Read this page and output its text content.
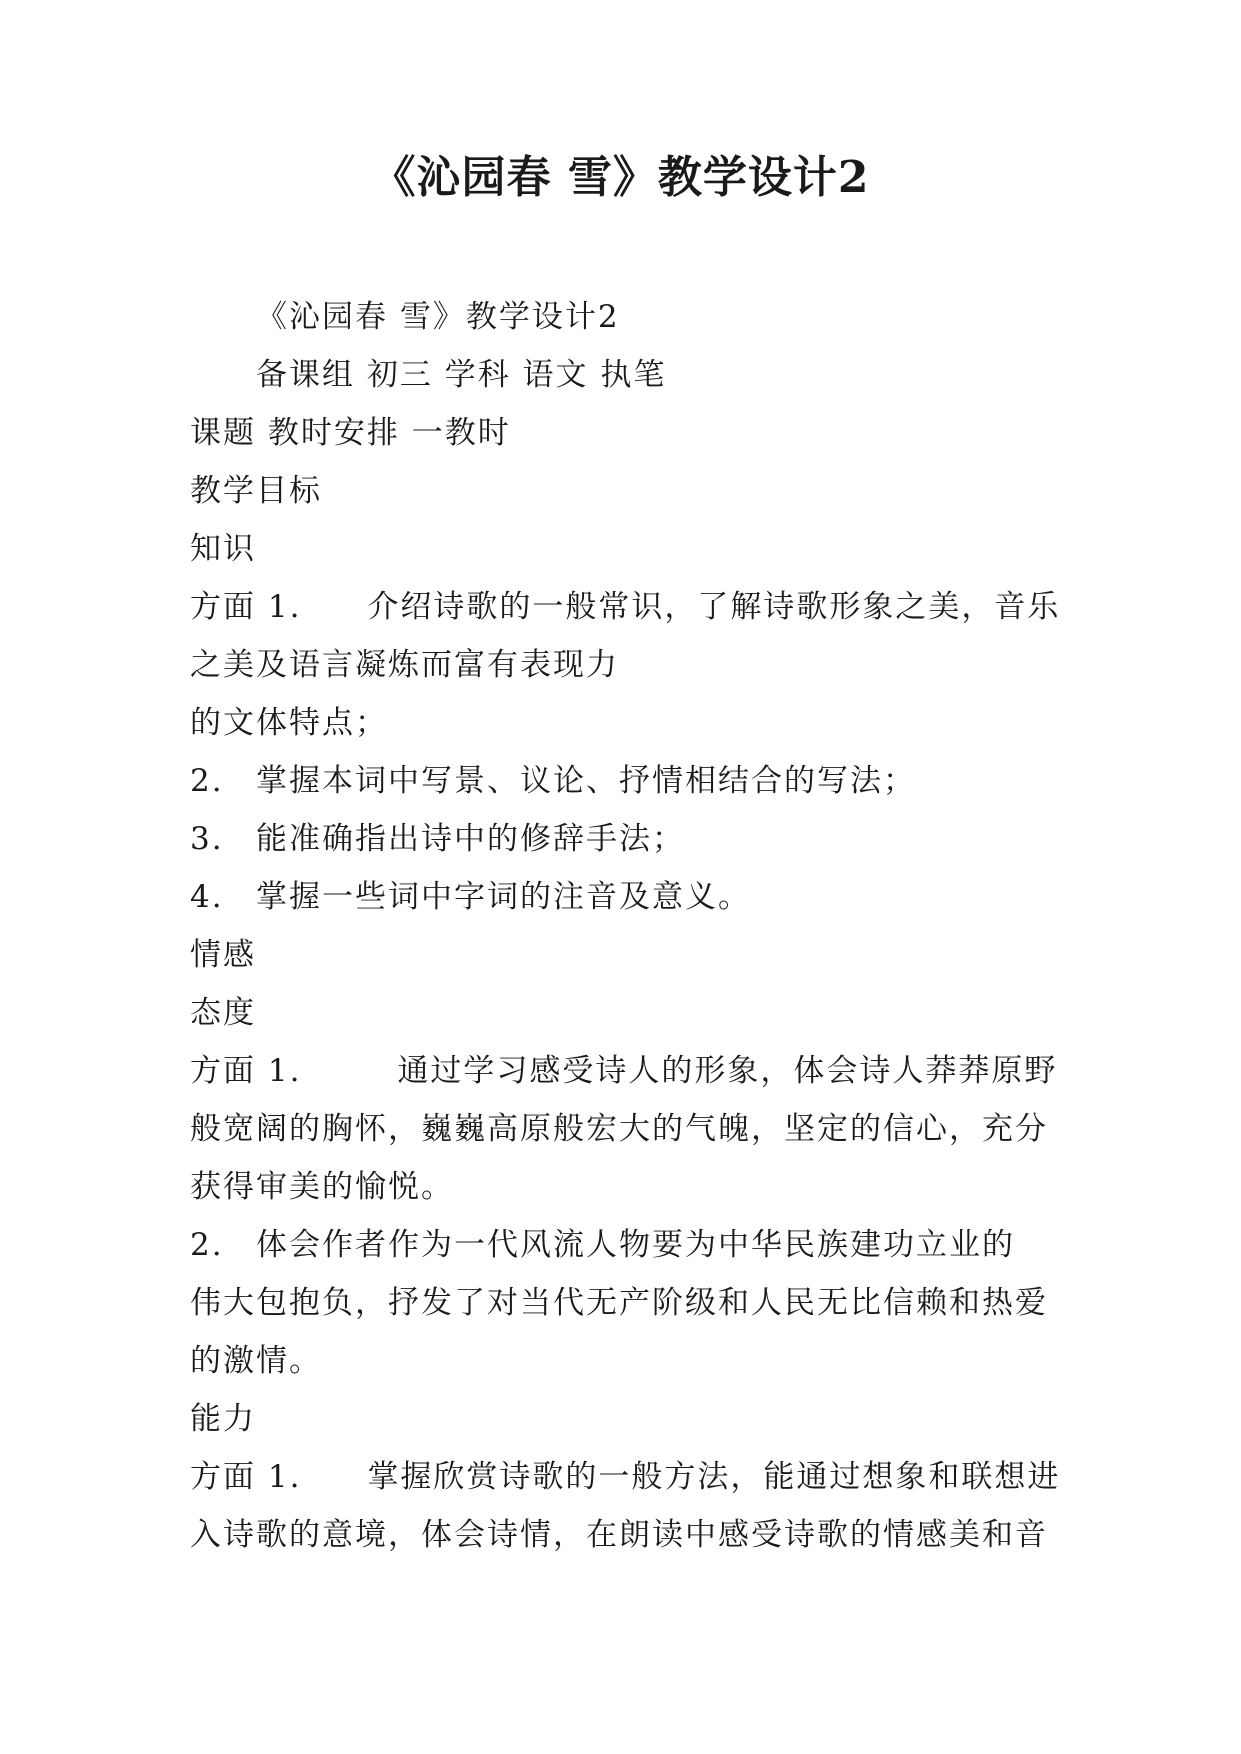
《沁园春 雪》教学设计2
《沁园春 雪》教学设计2
备课组 初三 学科 语文 执笔
课题 教时安排 一教时
教学目标
知识
方面 1. 介绍诗歌的一般常识，了解诗歌形象之美，音乐
之美及语言凝炼而富有表现力
的文体特点；
2. 掌握本词中写景、议论、抒情相结合的写法；
3. 能准确指出诗中的修辞手法；
4. 掌握一些词中字词的注音及意义。
情感
态度
方面 1.	通过学习感受诗人的形象，体会诗人莽莽原野
般宽阔的胸怀，巍巍高原般宏大的气魄，坚定的信心，充分
获得审美的愉悦。
2. 体会作者作为一代风流人物要为中华民族建功立业的
伟大包抱负，抒发了对当代无产阶级和人民无比信赖和热爱
的激情。
能力
方面 1. 掌握欣赏诗歌的一般方法，能通过想象和联想进
入诗歌的意境，体会诗情，在朗读中感受诗歌的情感美和音
